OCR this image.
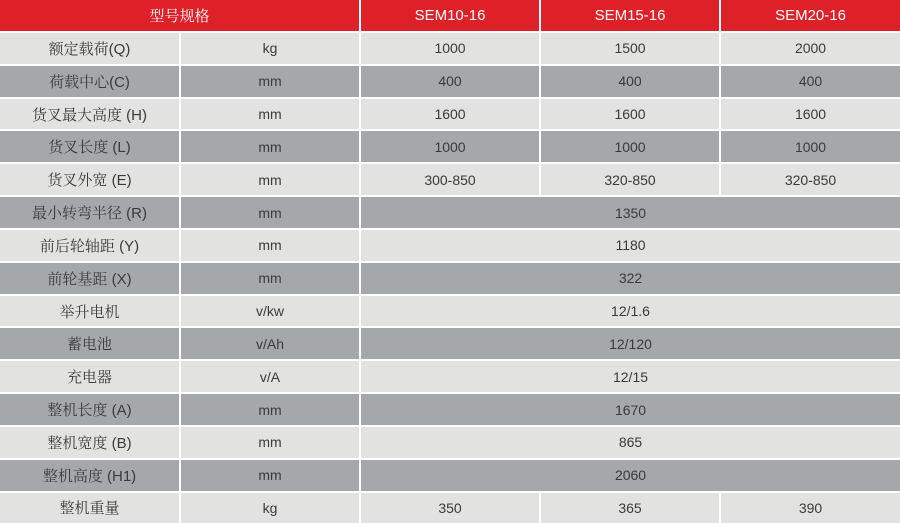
型号规格		SEM10-16	SEM15-16	SEM20-16
额定载荷(Q)	kg	1000	1500	2000
荷载中心(C)	mm	400	400	400
货叉最大高度 (H)	mm	1600	1600	1600
货叉长度 (L)	mm	1000	1000	1000
货叉外宽 (E)	mm	300-850	320-850	320-850
最小转弯半径 (R)	mm	1350		
前后轮轴距 (Y)	mm	1180		
前轮基距 (X)	mm	322		
举升电机	v/kw	12/1.6		
蓄电池	v/Ah	12/120		
充电器	v/A	12/15		
整机长度 (A)	mm	1670		
整机宽度 (B)	mm	865		
整机高度 (H1)	mm	2060		
整机重量	kg	350	365	390
